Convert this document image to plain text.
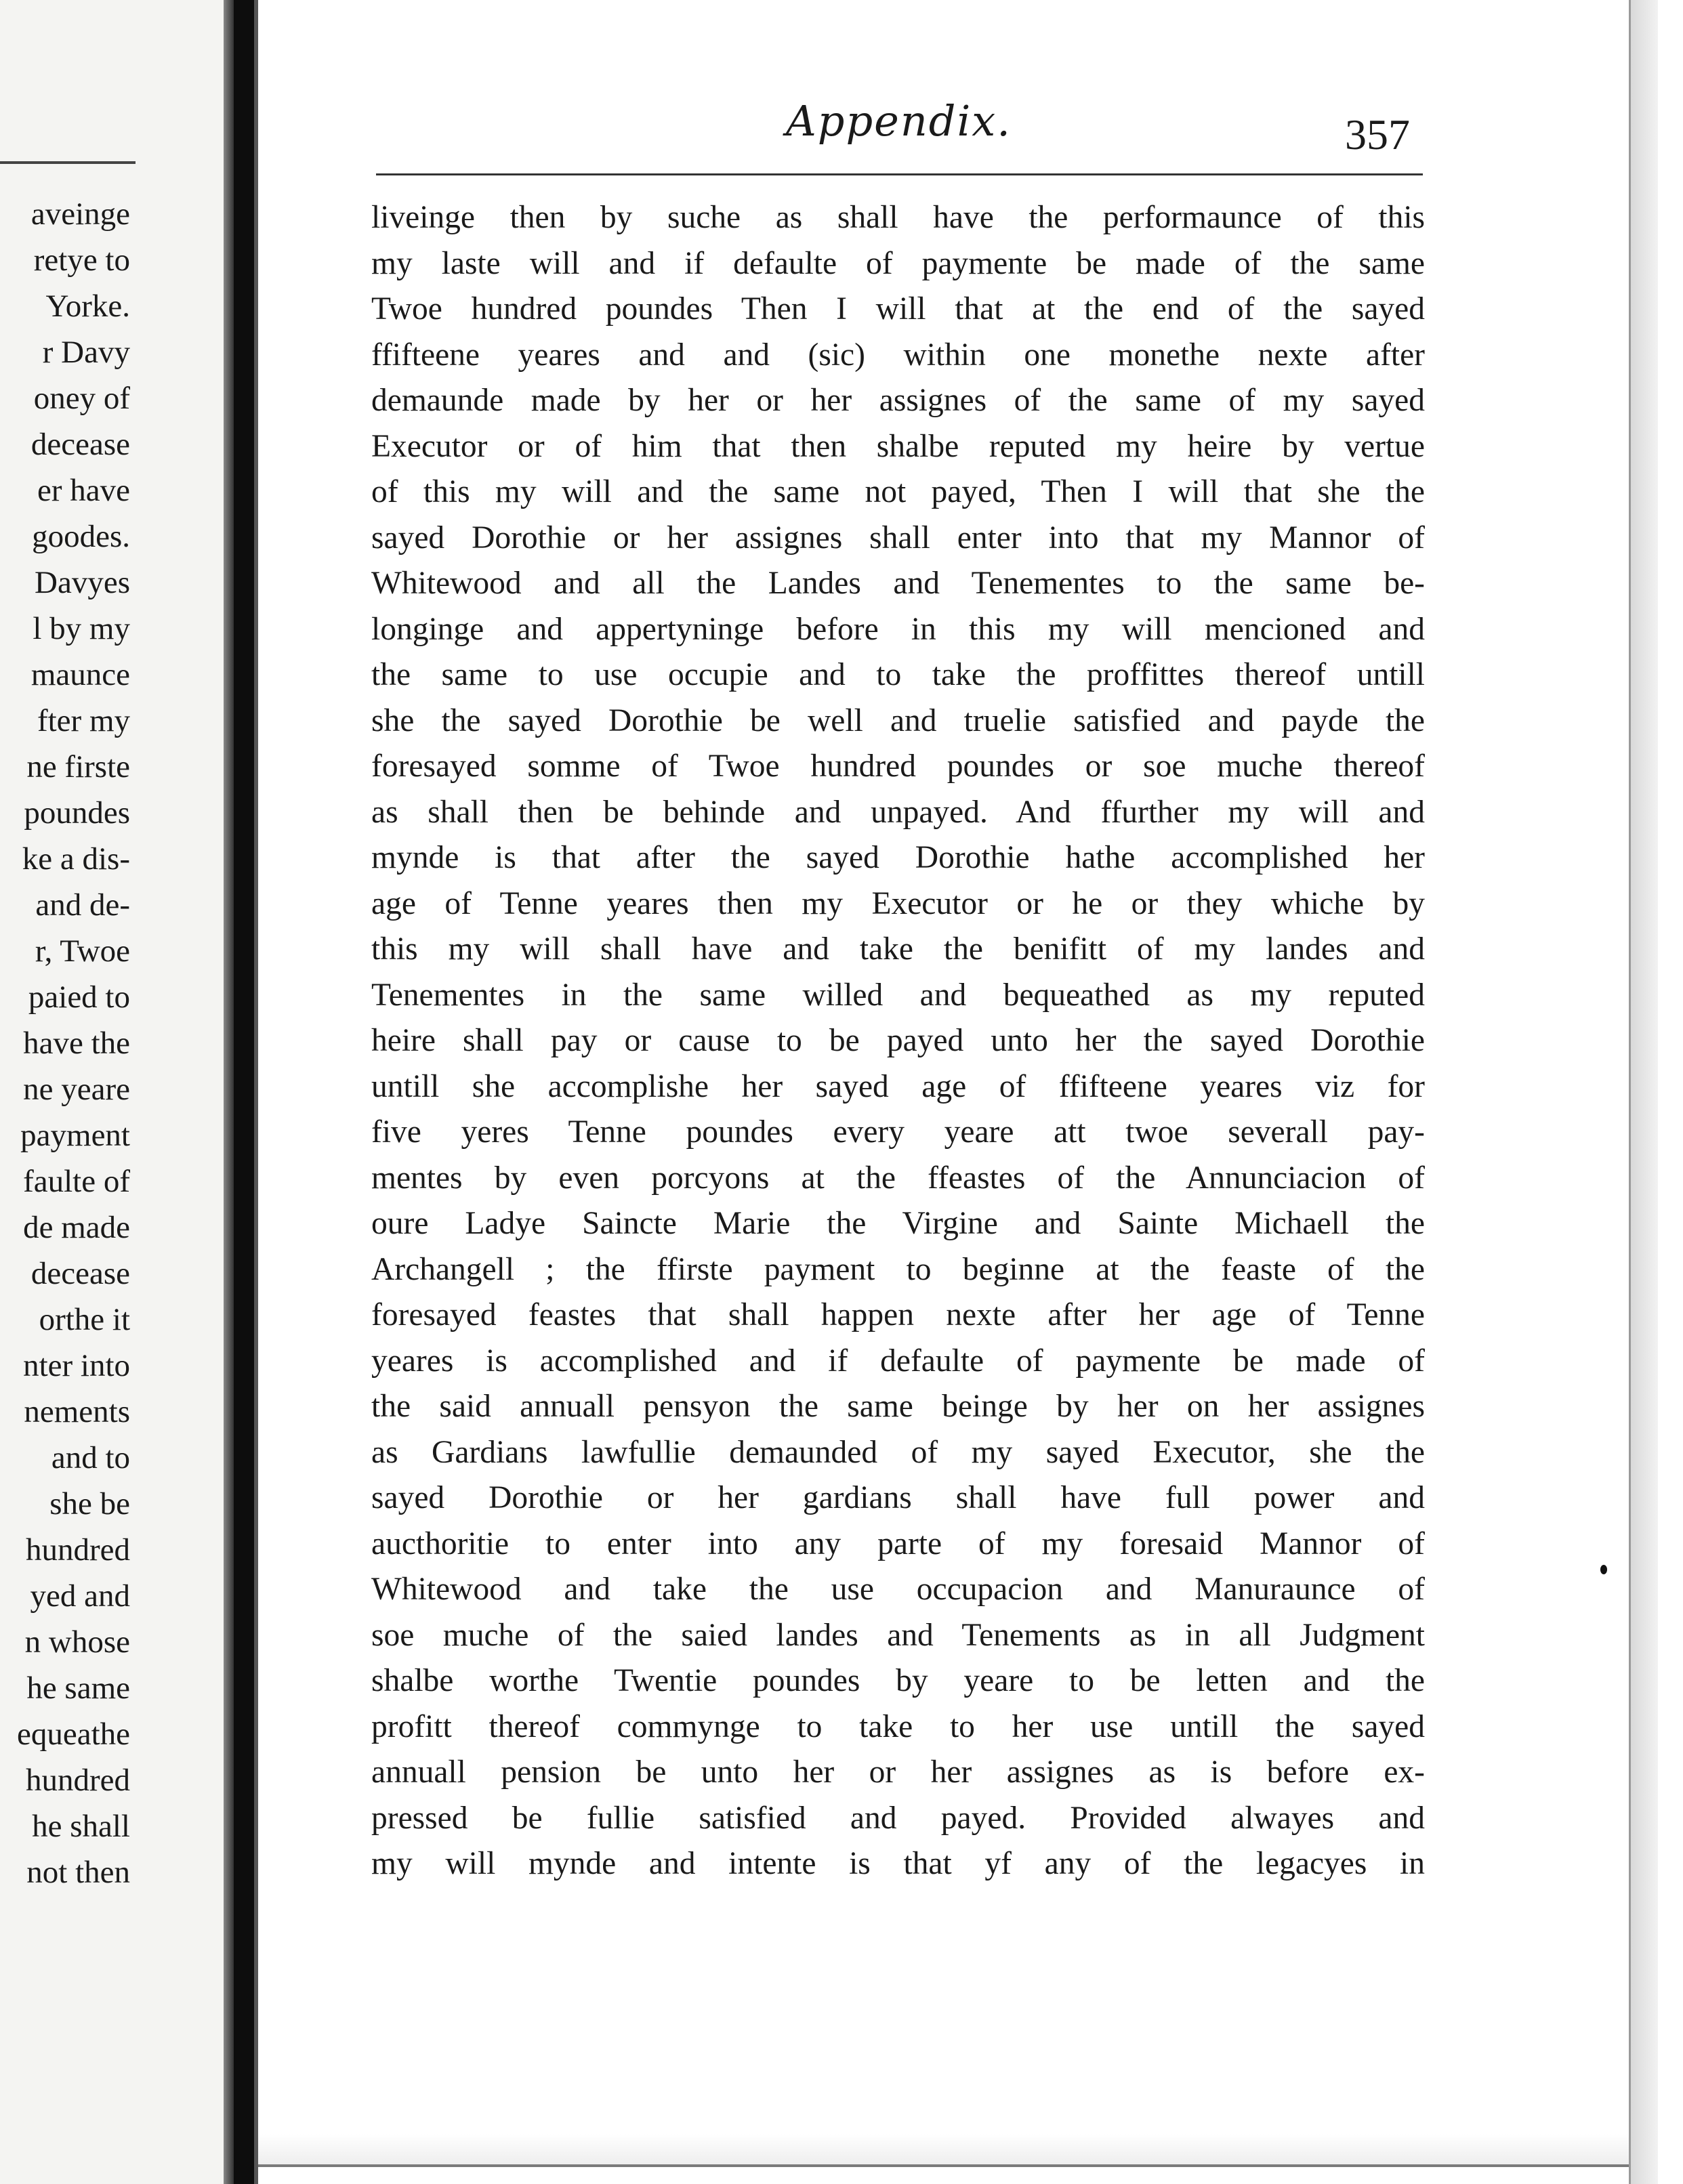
aveinge
retye to
Yorke.
r Davy
oney of
decease
er have
goodes.
Davyes
l by my
maunce
fter my
ne firste
poundes
ke a dis-
and de-
r, Twoe
paied to
have the
ne yeare
payment
faulte of
de made
decease
orthe it
nter into
nements
and to
she be
hundred
yed and
n whose
he same
equeathe
hundred
he shall
not then
Appendix.	357
liveinge then by suche as shall have the performaunce of this
my laste will and if defaulte of paymente be made of the same
Twoe hundred poundes Then I will that at the end of the sayed
ffifteene yeares and and (sic) within one monethe nexte after
demaunde made by her or her assignes of the same of my sayed
Executor or of him that then shalbe reputed my heire by vertue
of this my will and the same not payed, Then I will that she the
sayed Dorothie or her assignes shall enter into that my Mannor of
Whitewood and all the Landes and Tenementes to the same be-
longinge and appertyninge before in this my will mencioned and
the same to use occupie and to take the proffittes thereof untill
she the sayed Dorothie be well and truelie satisfied and payde the
foresayed somme of Twoe hundred poundes or soe muche thereof
as shall then be behinde and unpayed. And ffurther my will and
mynde is that after the sayed Dorothie hathe accomplished her
age of Tenne yeares then my Executor or he or they whiche by
this my will shall have and take the benifitt of my landes and
Tenementes in the same willed and bequeathed as my reputed
heire shall pay or cause to be payed unto her the sayed Dorothie
untill she accomplishe her sayed age of ffifteene yeares viz for
five yeres Tenne poundes every yeare att twoe severall pay-
mentes by even porcyons at the ffeastes of the Annunciacion of
oure Ladye Saincte Marie the Virgine and Sainte Michaell the
Archangell ; the ffirste payment to beginne at the feaste of the
foresayed feastes that shall happen nexte after her age of Tenne
yeares is accomplished and if defaulte of paymente be made of
the said annuall pensyon the same beinge by her on her assignes
as Gardians lawfullie demaunded of my sayed Executor, she the
sayed Dorothie or her gardians shall have full power and
aucthoritie to enter into any parte of my foresaid Mannor of
Whitewood and take the use occupacion and Manuraunce of
soe muche of the saied landes and Tenements as in all Judgment
shalbe worthe Twentie poundes by yeare to be letten and the
profitt thereof commynge to take to her use untill the sayed
annuall pension be unto her or her assignes as is before ex-
pressed be fullie satisfied and payed. Provided alwayes and
my will mynde and intente is that yf any of the legacyes in
